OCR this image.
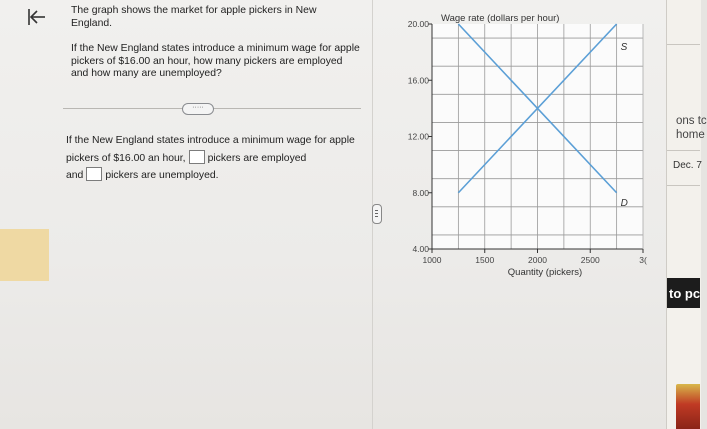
The graph shows the market for apple pickers in New England.
If the New England states introduce a minimum wage for apple pickers of $16.00 an hour, how many pickers are employed and how many are unemployed?
·····
If the New England states introduce a minimum wage for apple pickers of $16.00 an hour, pickers are employed
and pickers are unemployed.
4.00
8.00
12.00
16.00
20.00
1000	1500	2000	2500	3(
S
D
Wage rate (dollars per hour)
Quantity (pickers)
ons tc
home
Dec. 7
to pc
